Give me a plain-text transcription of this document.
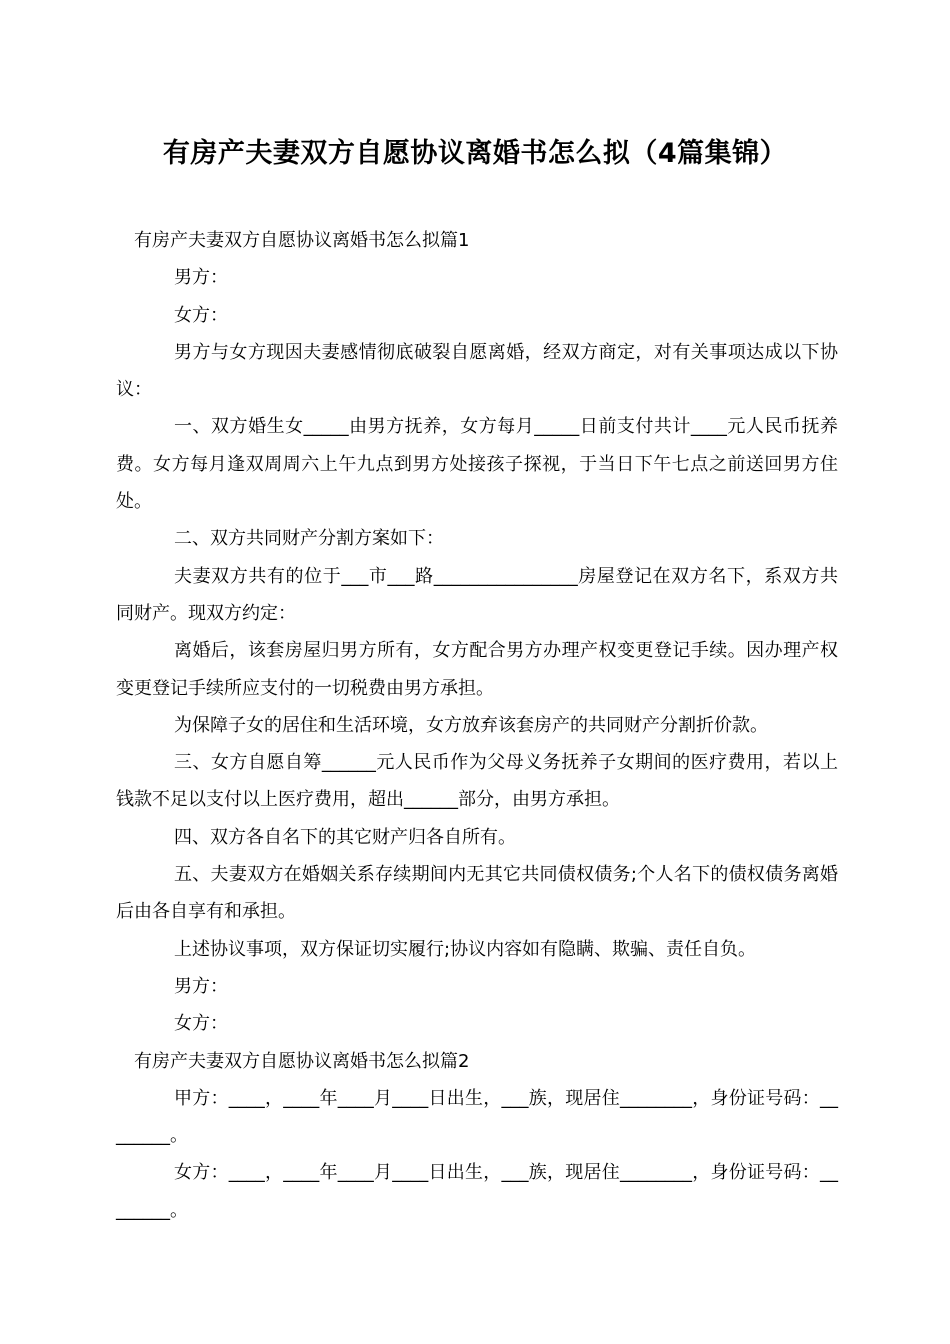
有房产夫妻双方自愿协议离婚书怎么拟（4篇集锦）

有房产夫妻双方自愿协议离婚书怎么拟篇1

男方：

女方：

男方与女方现因夫妻感情彻底破裂自愿离婚，经双方商定，对有关事项达成以下协议：

一、双方婚生女_____由男方抚养，女方每月_____日前支付共计____元人民币抚养费。女方每月逢双周周六上午九点到男方处接孩子探视，于当日下午七点之前送回男方住处。

二、双方共同财产分割方案如下：

夫妻双方共有的位于___市___路________________房屋登记在双方名下，系双方共同财产。现双方约定：

离婚后，该套房屋归男方所有，女方配合男方办理产权变更登记手续。因办理产权变更登记手续所应支付的一切税费由男方承担。

为保障子女的居住和生活环境，女方放弃该套房产的共同财产分割折价款。

三、女方自愿自筹______元人民币作为父母义务抚养子女期间的医疗费用，若以上钱款不足以支付以上医疗费用，超出______部分，由男方承担。

四、双方各自名下的其它财产归各自所有。

五、夫妻双方在婚姻关系存续期间内无其它共同债权债务;个人名下的债权债务离婚后由各自享有和承担。

上述协议事项，双方保证切实履行;协议内容如有隐瞒、欺骗、责任自负。

男方：

女方：

有房产夫妻双方自愿协议离婚书怎么拟篇2

甲方：____，____年____月____日出生，___族，现居住________，身份证号码：________。

女方：____，____年____月____日出生，___族，现居住________，身份证号码：________。
